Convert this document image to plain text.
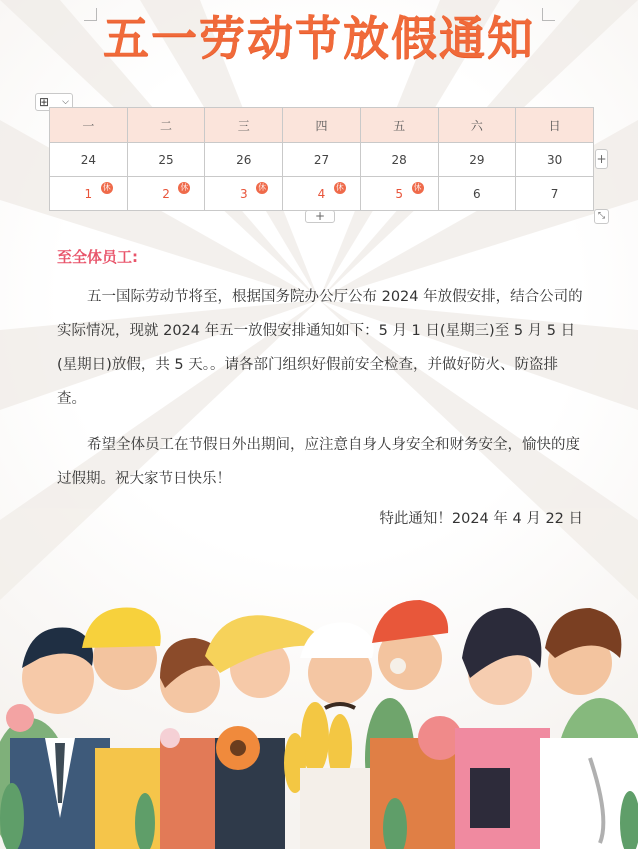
五一劳动节放假通知
⊞ ⌵
一	二	三	四	五	六	日
24	25	26	27	28	29	30
1 休	2 休	3 休	4 休	5 休	6	7
+
+	⤡
至全体员工:
五一国际劳动节将至，根据国务院办公厅公布 2024 年放假安排，结合公司的实际情况，现就 2024 年五一放假安排通知如下：5 月 1 日(星期三)至 5 月 5 日(星期日)放假，共 5 天。。请各部门组织好假前安全检查，并做好防火、防盗排查。
希望全体员工在节假日外出期间，应注意自身人身安全和财务安全，愉快的度过假期。祝大家节日快乐！
特此通知！2024 年 4 月 22 日
